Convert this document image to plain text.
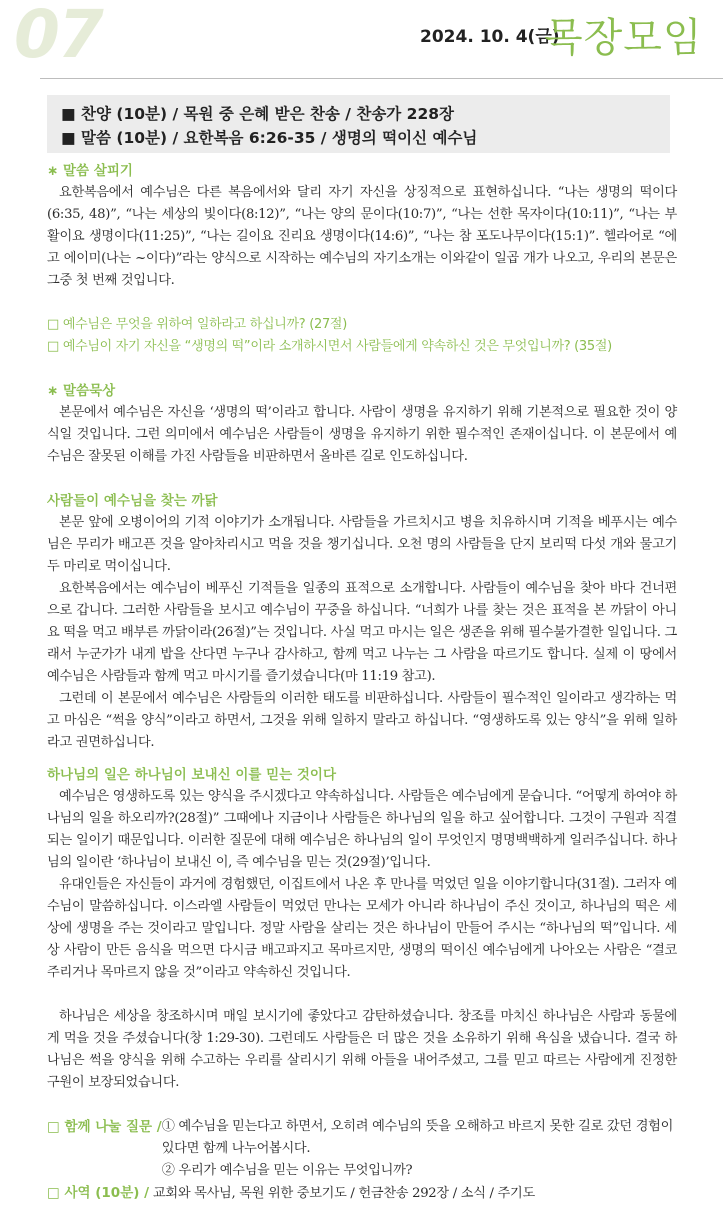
07	2024. 10. 4(금)
목장모임
■ 찬양 (10분) / 목원 중 은혜 받은 찬송 / 찬송가 228장
■ 말씀 (10분) / 요한복음 6:26-35 / 생명의 떡이신 예수님

∗ 말씀 살피기

요한복음에서 예수님은 다른 복음에서와 달리 자기 자신을 상징적으로 표현하십니다. “나는 생명의 떡이다(6:35, 48)”, “나는 세상의 빛이다(8:12)”, “나는 양의 문이다(10:7)”, “나는 선한 목자이다(10:11)”, “나는 부활이요 생명이다(11:25)”, “나는 길이요 진리요 생명이다(14:6)”, “나는 참 포도나무이다(15:1)”. 헬라어로 “에고 에이미(나는 ~이다)”라는 양식으로 시작하는 예수님의 자기소개는 이와같이 일곱 개가 나오고, 우리의 본문은 그중 첫 번째 것입니다.

□ 예수님은 무엇을 위하여 일하라고 하십니까? (27절)

□ 예수님이 자기 자신을 “생명의 떡”이라 소개하시면서 사람들에게 약속하신 것은 무엇입니까? (35절)

∗ 말씀묵상

본문에서 예수님은 자신을 ‘생명의 떡’이라고 합니다. 사람이 생명을 유지하기 위해 기본적으로 필요한 것이 양식일 것입니다. 그런 의미에서 예수님은 사람들이 생명을 유지하기 위한 필수적인 존재이십니다. 이 본문에서 예수님은 잘못된 이해를 가진 사람들을 비판하면서 올바른 길로 인도하십니다.

사람들이 예수님을 찾는 까닭

본문 앞에 오병이어의 기적 이야기가 소개됩니다. 사람들을 가르치시고 병을 치유하시며 기적을 베푸시는 예수님은 무리가 배고픈 것을 알아차리시고 먹을 것을 챙기십니다. 오천 명의 사람들을 단지 보리떡 다섯 개와 물고기 두 마리로 먹이십니다.

요한복음에서는 예수님이 베푸신 기적들을 일종의 표적으로 소개합니다. 사람들이 예수님을 찾아 바다 건너편으로 갑니다. 그러한 사람들을 보시고 예수님이 꾸중을 하십니다. “너희가 나를 찾는 것은 표적을 본 까닭이 아니요 떡을 먹고 배부른 까닭이라(26절)”는 것입니다. 사실 먹고 마시는 일은 생존을 위해 필수불가결한 일입니다. 그래서 누군가가 내게 밥을 산다면 누구나 감사하고, 함께 먹고 나누는 그 사람을 따르기도 합니다. 실제 이 땅에서 예수님은 사람들과 함께 먹고 마시기를 즐기셨습니다(마 11:19 참고).

그런데 이 본문에서 예수님은 사람들의 이러한 태도를 비판하십니다. 사람들이 필수적인 일이라고 생각하는 먹고 마심은 “썩을 양식”이라고 하면서, 그것을 위해 일하지 말라고 하십니다. “영생하도록 있는 양식”을 위해 일하라고 권면하십니다.

하나님의 일은 하나님이 보내신 이를 믿는 것이다

예수님은 영생하도록 있는 양식을 주시겠다고 약속하십니다. 사람들은 예수님에게 묻습니다. “어떻게 하여야 하나님의 일을 하오리까?(28절)” 그때에나 지금이나 사람들은 하나님의 일을 하고 싶어합니다. 그것이 구원과 직결되는 일이기 때문입니다. 이러한 질문에 대해 예수님은 하나님의 일이 무엇인지 명명백백하게 일러주십니다. 하나님의 일이란 ‘하나님이 보내신 이, 즉 예수님을 믿는 것(29절)’입니다.

유대인들은 자신들이 과거에 경험했던, 이집트에서 나온 후 만나를 먹었던 일을 이야기합니다(31절). 그러자 예수님이 말씀하십니다. 이스라엘 사람들이 먹었던 만나는 모세가 아니라 하나님이 주신 것이고, 하나님의 떡은 세상에 생명을 주는 것이라고 말입니다. 정말 사람을 살리는 것은 하나님이 만들어 주시는 “하나님의 떡”입니다. 세상 사람이 만든 음식을 먹으면 다시금 배고파지고 목마르지만, 생명의 떡이신 예수님에게 나아오는 사람은 “결코 주리거나 목마르지 않을 것”이라고 약속하신 것입니다.

하나님은 세상을 창조하시며 매일 보시기에 좋았다고 감탄하셨습니다. 창조를 마치신 하나님은 사람과 동물에게 먹을 것을 주셨습니다(창 1:29-30). 그런데도 사람들은 더 많은 것을 소유하기 위해 욕심을 냈습니다. 결국 하나님은 썩을 양식을 위해 수고하는 우리를 살리시기 위해 아들을 내어주셨고, 그를 믿고 따르는 사람에게 진정한 구원이 보장되었습니다.

□ 함께 나눌 질문 / ① 예수님을 믿는다고 하면서, 오히려 예수님의 뜻을 오해하고 바르지 못한 길로 갔던 경험이 있다면 함께 나누어봅시다.

② 우리가 예수님을 믿는 이유는 무엇입니까?

□ 사역 (10분) / 교회와 목사님, 목원 위한 중보기도 / 헌금찬송 292장 / 소식 / 주기도
